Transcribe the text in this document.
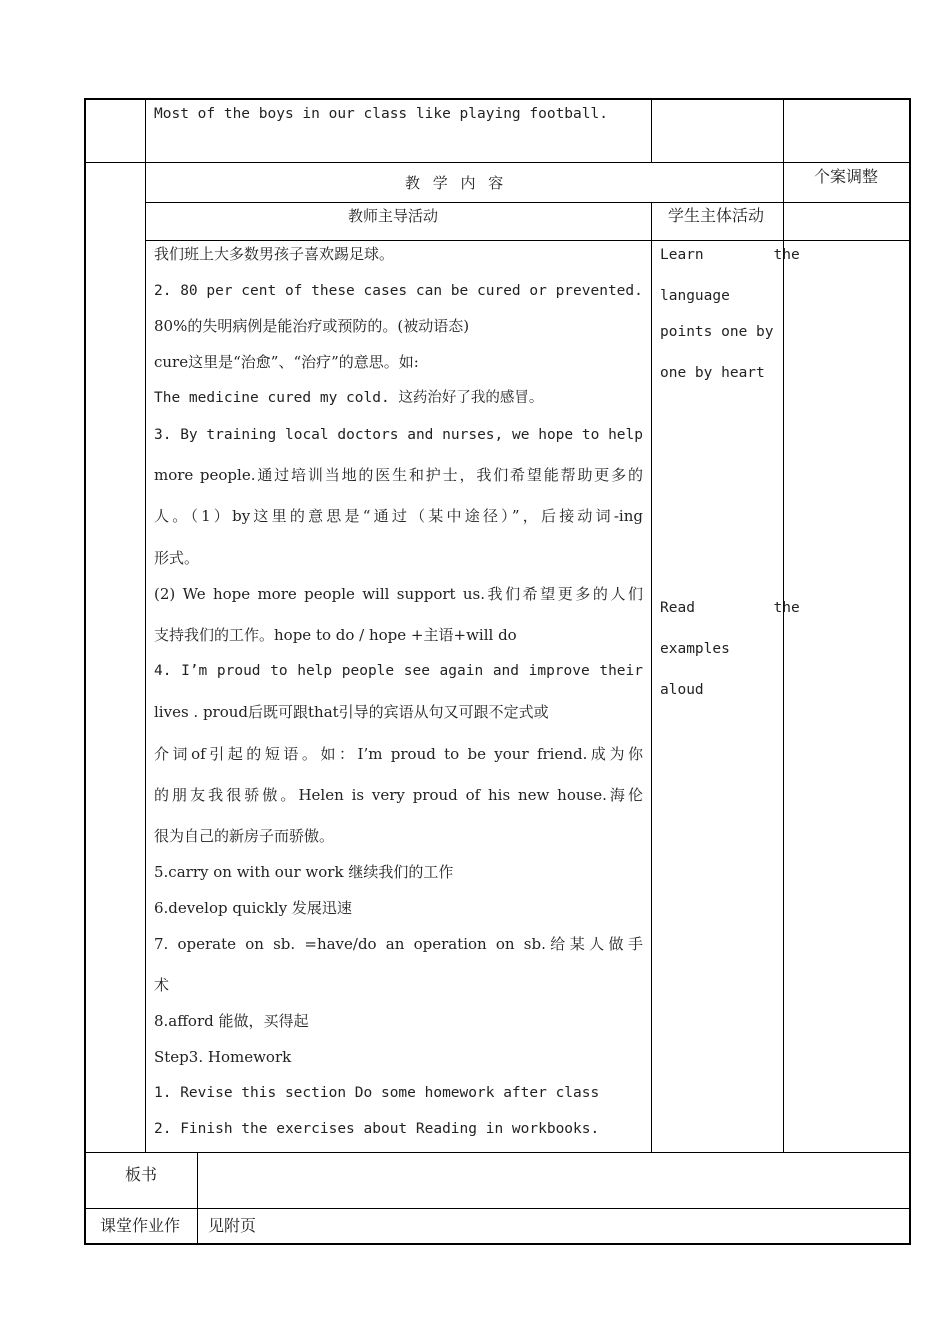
Most of the boys in our class like playing football.
教 学 内 容	个案调整
教师主导活动	学生主体活动
我们班上大多数男孩子喜欢踢足球。
2. 80 per cent of these cases can be cured or prevented.
80%的失明病例是能治疗或预防的。(被动语态)
cure这里是“治愈”、“治疗”的意思。如:
The medicine cured my cold. 这药治好了我的感冒。
3. By training local doctors and nurses, we hope to help
more people.通过培训当地的医生和护士，我们希望能帮助更多的
人。（1）by这里的意思是“通过（某中途径）”，后接动词-ing
形式。
(2) We hope more people will support us.我们希望更多的人们
支持我们的工作。hope to do / hope +主语+will do
4. I’m proud to help people see again and improve their
lives . proud后既可跟that引导的宾语从句又可跟不定式或
介词of引起的短语。如：I’m proud to be your friend.成为你
的朋友我很骄傲。Helen is very proud of his new house.海伦
很为自己的新房子而骄傲。
5.carry on with our work 继续我们的工作
6.develop quickly 发展迅速
7. operate on sb. =have/do an operation on sb.给某人做手
术
8.afford 能做，买得起
Step3. Homework
1. Revise this section Do some homework after class
2. Finish the exercises about Reading in workbooks.
Learn        the
language
points one by
one by heart
Read         the
examples
aloud
板书
课堂作业作 见附页
